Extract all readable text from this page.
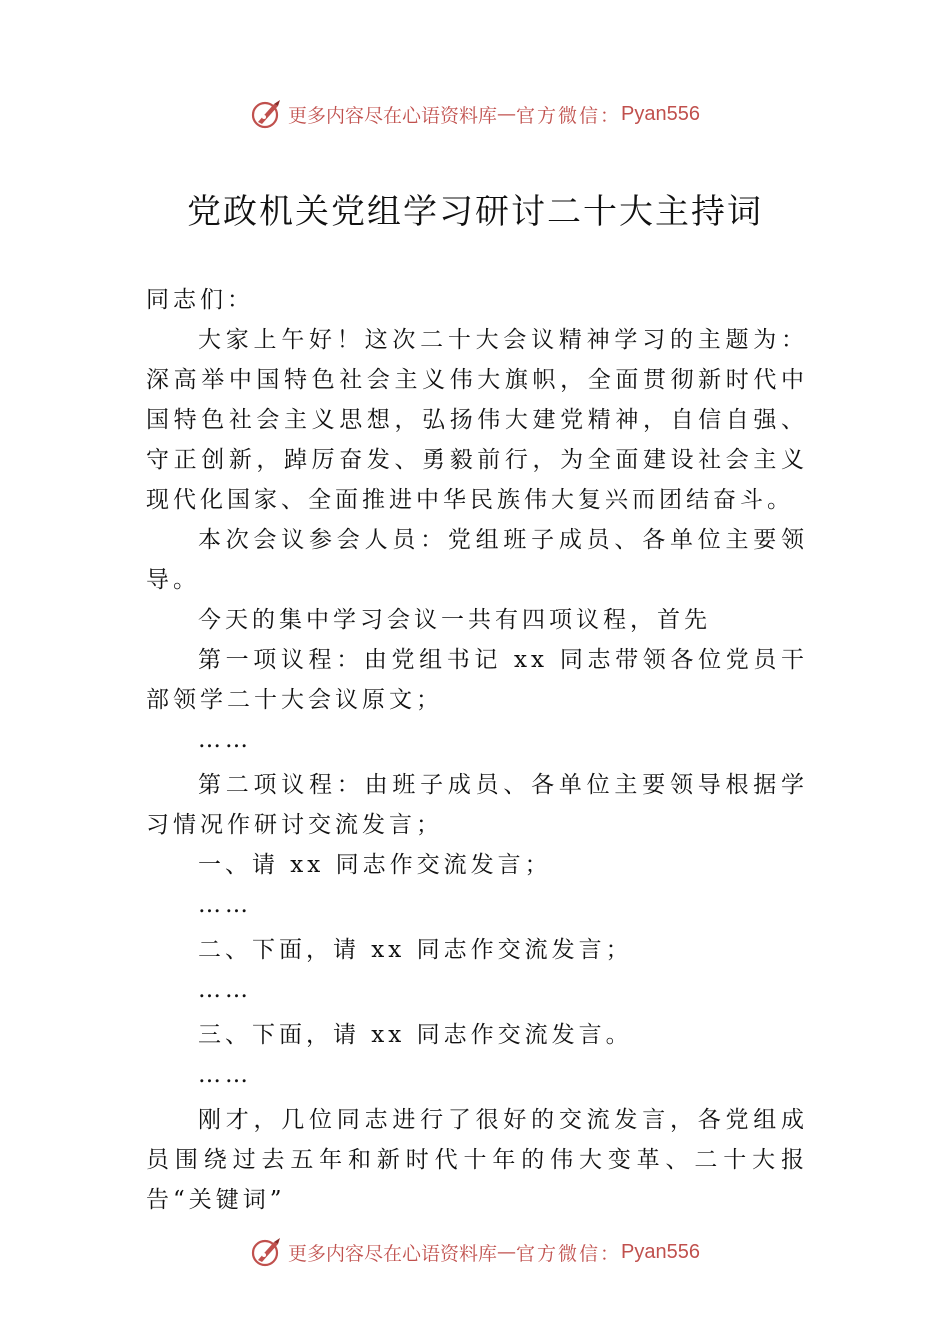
更多内容尽在心语资料库 — 官方微信： Pyan556
党政机关党组学习研讨二十大主持词

同志们：

大家上午好！这次二十大会议精神学习的主题为：深高举中国特色社会主义伟大旗帜，全面贯彻新时代中国特色社会主义思想，弘扬伟大建党精神，自信自强、守正创新，踔厉奋发、勇毅前行，为全面建设社会主义现代化国家、全面推进中华民族伟大复兴而团结奋斗。

本次会议参会人员：党组班子成员、各单位主要领导。

今天的集中学习会议一共有四项议程，首先

第一项议程：由党组书记 xx 同志带领各位党员干部领学二十大会议原文；

……

第二项议程：由班子成员、各单位主要领导根据学习情况作研讨交流发言；

一、请 xx 同志作交流发言；

……

二、下面，请 xx 同志作交流发言；

……

三、下面，请 xx 同志作交流发言。

……

刚才，几位同志进行了很好的交流发言，各党组成员围绕过去五年和新时代十年的伟大变革、二十大报告“关键词”

更多内容尽在心语资料库 — 官方微信： Pyan556
